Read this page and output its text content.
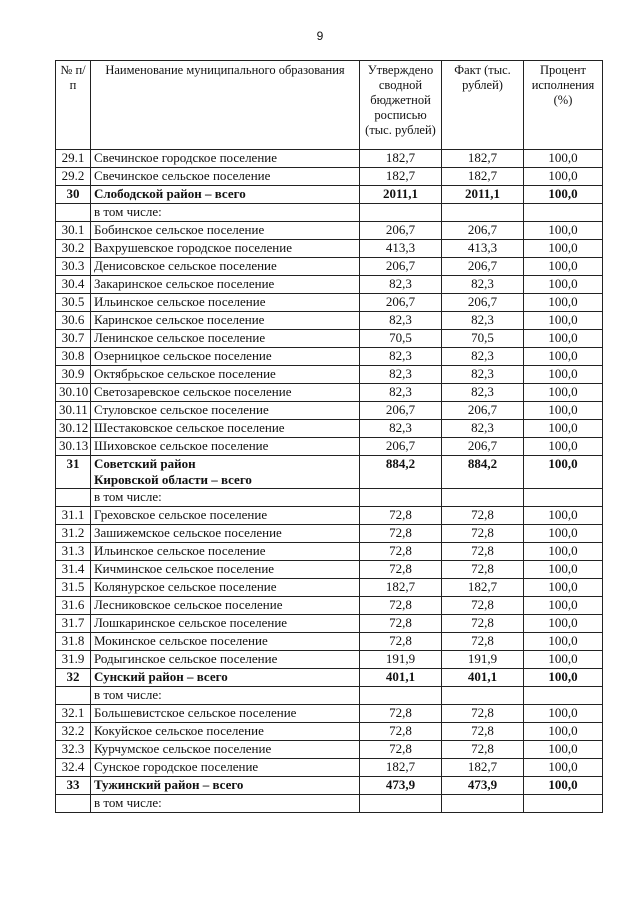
9
№ п/п	Наименование муниципального образования	Утверждено сводной бюджетной росписью (тыс. рублей)	Факт (тыс. рублей)	Процент исполнения (%)
29.1	Свечинское городское поселение	182,7	182,7	100,0
29.2	Свечинское сельское поселение	182,7	182,7	100,0
30	Слободской район – всего	2011,1	2011,1	100,0
	в том числе:			
30.1	Бобинское сельское поселение	206,7	206,7	100,0
30.2	Вахрушевское городское поселение	413,3	413,3	100,0
30.3	Денисовское сельское поселение	206,7	206,7	100,0
30.4	Закаринское сельское поселение	82,3	82,3	100,0
30.5	Ильинское сельское поселение	206,7	206,7	100,0
30.6	Каринское сельское поселение	82,3	82,3	100,0
30.7	Ленинское сельское поселение	70,5	70,5	100,0
30.8	Озерницкое сельское поселение	82,3	82,3	100,0
30.9	Октябрьское сельское поселение	82,3	82,3	100,0
30.10	Светозаревское сельское поселение	82,3	82,3	100,0
30.11	Стуловское сельское поселение	206,7	206,7	100,0
30.12	Шестаковское сельское поселение	82,3	82,3	100,0
30.13	Шиховское сельское поселение	206,7	206,7	100,0
31	Советский район
Кировской области – всего	884,2	884,2	100,0
	в том числе:			
31.1	Греховское сельское поселение	72,8	72,8	100,0
31.2	Зашижемское сельское поселение	72,8	72,8	100,0
31.3	Ильинское сельское поселение	72,8	72,8	100,0
31.4	Кичминское сельское поселение	72,8	72,8	100,0
31.5	Колянурское сельское поселение	182,7	182,7	100,0
31.6	Лесниковское сельское поселение	72,8	72,8	100,0
31.7	Лошкаринское сельское поселение	72,8	72,8	100,0
31.8	Мокинское сельское поселение	72,8	72,8	100,0
31.9	Родыгинское сельское поселение	191,9	191,9	100,0
32	Сунский район – всего	401,1	401,1	100,0
	в том числе:			
32.1	Большевистское сельское поселение	72,8	72,8	100,0
32.2	Кокуйское сельское поселение	72,8	72,8	100,0
32.3	Курчумское сельское поселение	72,8	72,8	100,0
32.4	Сунское городское поселение	182,7	182,7	100,0
33	Тужинский район – всего	473,9	473,9	100,0
	в том числе:			
